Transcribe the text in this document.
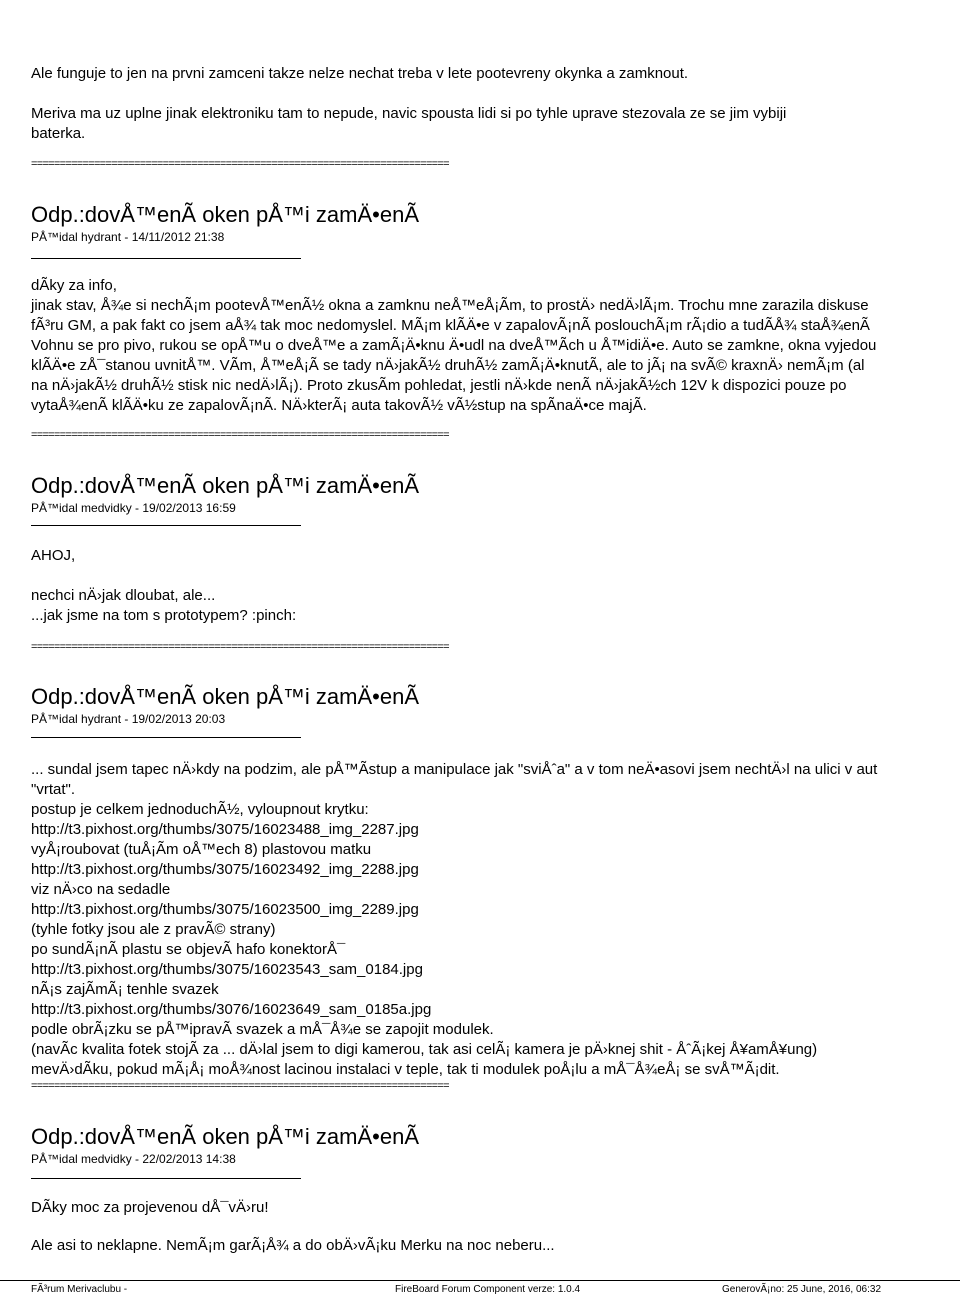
Ale funguje to jen na prvni zamceni takze nelze nechat treba v lete pootevreny okynka a zamknout.
Meriva ma uz uplne jinak elektroniku tam to nepude, navic spousta lidi si po tyhle uprave stezovala ze se jim vybiji
baterka.
=========================================================================
Odp.:dovÅ™enÃ oken pÅ™i zamÄ•enÃ
PÅ™idal hydrant - 14/11/2012 21:38
dÃky za info,
jinak stav, Å¾e si nechÃ¡m pootevÅ™enÃ½ okna a zamknu neÅ™eÅ¡Ãm, to prostÄ› nedÄ›lÃ¡m. Trochu mne zarazila diskuse
fÃ³ru GM, a pak fakt co jsem aÅ¾ tak moc nedomyslel. MÃ¡m klÃÄ•e v zapalovÃ¡nÃ poslouchÃ¡m rÃ¡dio a tudÃÅ¾ staÅ¾enÃ
Vohnu se pro pivo, rukou se opÅ™u o dveÅ™e a zamÃ¡Ä•knu Ä•udl na dveÅ™Ãch u Å™idiÄ•e. Auto se zamkne, okna vyjedou
klÃÄ•e zÅ¯stanou uvnitÅ™. VÃm, Å™eÅ¡Ã se tady nÄ›jakÃ½ druhÃ½ zamÃ¡Ä•knutÃ, ale to jÃ¡ na svÃ© kraxnÄ› nemÃ¡m (al
na nÄ›jakÃ½ druhÃ½ stisk nic nedÄ›lÃ¡). Proto zkusÃm pohledat, jestli nÄ›kde nenÃ nÄ›jakÃ½ch 12V k dispozici pouze po
vytaÅ¾enÃ klÃÄ•ku ze zapalovÃ¡nÃ. NÄ›kterÃ¡ auta takovÃ½ vÃ½stup na spÃnaÄ•ce majÃ.
=========================================================================
Odp.:dovÅ™enÃ oken pÅ™i zamÄ•enÃ
PÅ™idal medvidky - 19/02/2013 16:59
AHOJ,
nechci nÄ›jak dloubat, ale...
...jak jsme na tom s prototypem? :pinch:
=========================================================================
Odp.:dovÅ™enÃ oken pÅ™i zamÄ•enÃ
PÅ™idal hydrant - 19/02/2013 20:03
... sundal jsem tapec nÄ›kdy na podzim, ale pÅ™Ãstup a manipulace jak "sviÅˆa" a v tom neÄ•asovi jsem nechtÄ›l na ulici v aut
"vrtat".
postup je celkem jednoduchÃ½, vyloupnout krytku:
http://t3.pixhost.org/thumbs/3075/16023488_img_2287.jpg
vyÅ¡roubovat (tuÅ¡Ãm oÅ™ech 8) plastovou matku
http://t3.pixhost.org/thumbs/3075/16023492_img_2288.jpg
viz nÄ›co na sedadle
http://t3.pixhost.org/thumbs/3075/16023500_img_2289.jpg
(tyhle fotky jsou ale z pravÃ© strany)
po sundÃ¡nÃ plastu se objevÃ hafo konektorÅ¯
http://t3.pixhost.org/thumbs/3075/16023543_sam_0184.jpg
nÃ¡s zajÃmÃ¡ tenhle svazek
http://t3.pixhost.org/thumbs/3076/16023649_sam_0185a.jpg
podle obrÃ¡zku se pÅ™ipravÃ svazek a mÅ¯Å¾e se zapojit modulek.
(navÃc kvalita fotek stojÃ za ... dÄ›lal jsem to digi kamerou, tak asi celÃ¡ kamera je pÄ›knej shit - ÅˆÃ¡kej Å¥amÅ¥ung)
mevÄ›dÃku, pokud mÃ¡Å¡ moÅ¾nost lacinou instalaci v teple, tak ti modulek poÅ¡lu a mÅ¯Å¾eÅ¡ se svÅ™Ã¡dit.
=========================================================================
Odp.:dovÅ™enÃ oken pÅ™i zamÄ•enÃ
PÅ™idal medvidky - 22/02/2013 14:38
DÃky moc za projevenou dÅ¯vÄ›ru!
Ale asi to neklapne. NemÃ¡m garÃ¡Å¾ a do obÄ›vÃ¡ku Merku na noc neberu...
FÃ³rum Merivaclubu -	FireBoard Forum Component verze: 1.0.4	GenerovÃ¡no: 25 June, 2016, 06:32
